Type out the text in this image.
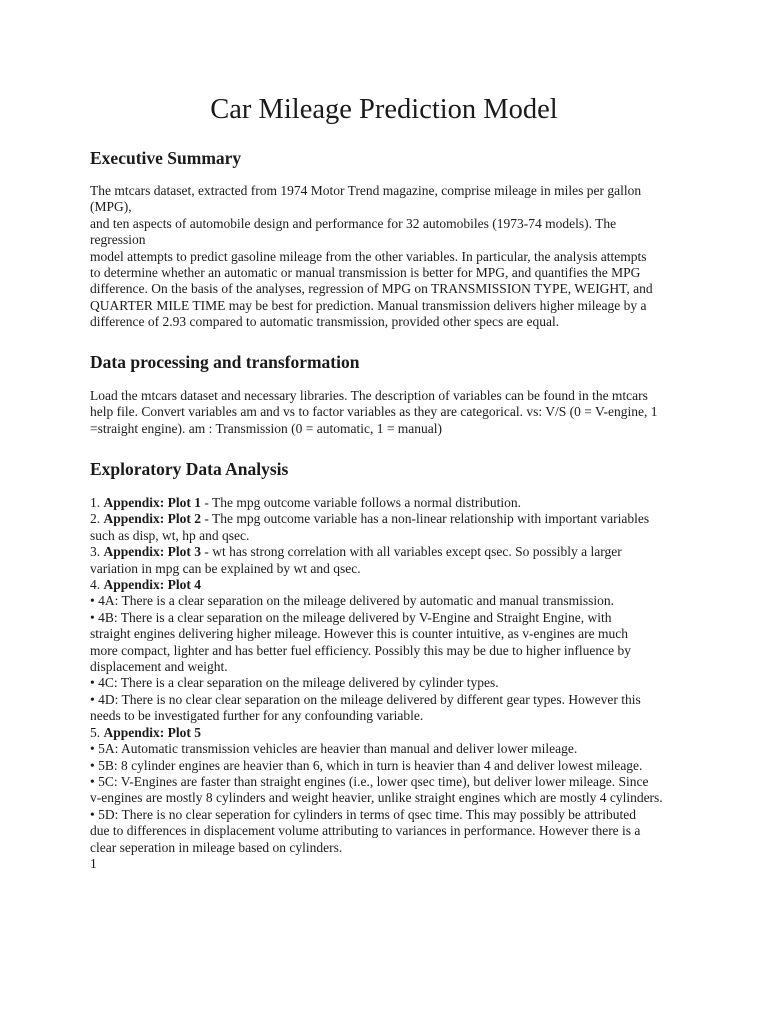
Car Mileage Prediction Model
Executive Summary
The mtcars dataset, extracted from 1974 Motor Trend magazine, comprise mileage in miles per gallon
(MPG),
and ten aspects of automobile design and performance for 32 automobiles (1973-74 models). The
regression
model attempts to predict gasoline mileage from the other variables. In particular, the analysis attempts
to determine whether an automatic or manual transmission is better for MPG, and quantifies the MPG
difference. On the basis of the analyses, regression of MPG on TRANSMISSION TYPE, WEIGHT, and
QUARTER MILE TIME may be best for prediction. Manual transmission delivers higher mileage by a
difference of 2.93 compared to automatic transmission, provided other specs are equal.
Data processing and transformation
Load the mtcars dataset and necessary libraries. The description of variables can be found in the mtcars
help file. Convert variables am and vs to factor variables as they are categorical. vs: V/S (0 = V-engine, 1
=straight engine). am : Transmission (0 = automatic, 1 = manual)
Exploratory Data Analysis
1. Appendix: Plot 1 - The mpg outcome variable follows a normal distribution.
2. Appendix: Plot 2 - The mpg outcome variable has a non-linear relationship with important variables
such as disp, wt, hp and qsec.
3. Appendix: Plot 3 - wt has strong correlation with all variables except qsec. So possibly a larger
variation in mpg can be explained by wt and qsec.
4. Appendix: Plot 4
• 4A: There is a clear separation on the mileage delivered by automatic and manual transmission.
• 4B: There is a clear separation on the mileage delivered by V-Engine and Straight Engine, with
straight engines delivering higher mileage. However this is counter intuitive, as v-engines are much
more compact, lighter and has better fuel efficiency. Possibly this may be due to higher influence by
displacement and weight.
• 4C: There is a clear separation on the mileage delivered by cylinder types.
• 4D: There is no clear clear separation on the mileage delivered by different gear types. However this
needs to be investigated further for any confounding variable.
5. Appendix: Plot 5
• 5A: Automatic transmission vehicles are heavier than manual and deliver lower mileage.
• 5B: 8 cylinder engines are heavier than 6, which in turn is heavier than 4 and deliver lowest mileage.
• 5C: V-Engines are faster than straight engines (i.e., lower qsec time), but deliver lower mileage. Since
v-engines are mostly 8 cylinders and weight heavier, unlike straight engines which are mostly 4 cylinders.
• 5D: There is no clear seperation for cylinders in terms of qsec time. This may possibly be attributed
due to differences in displacement volume attributing to variances in performance. However there is a
clear seperation in mileage based on cylinders.
1
